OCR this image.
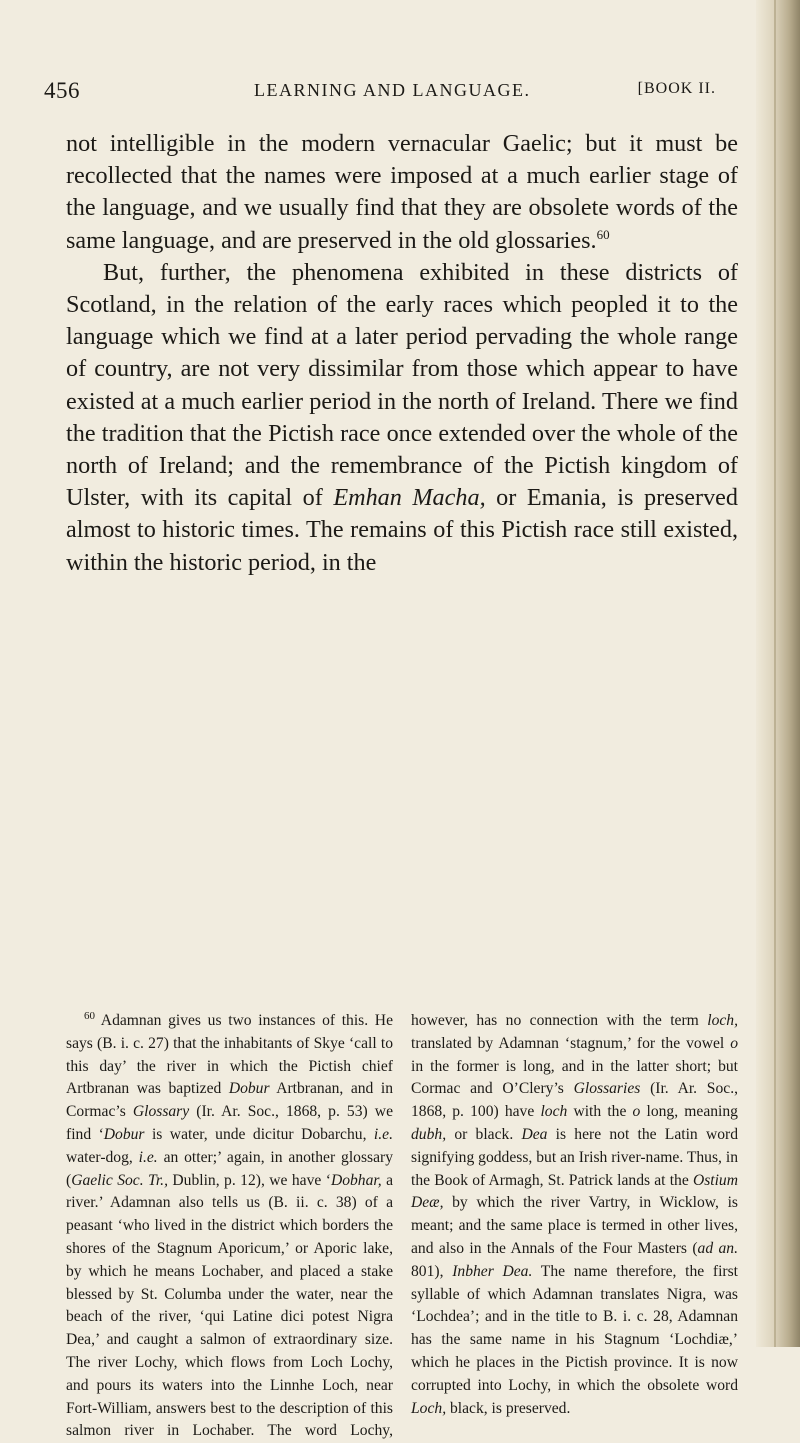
456	LEARNING AND LANGUAGE.	[BOOK II.

not intelligible in the modern vernacular Gaelic; but it must be recollected that the names were imposed at a much earlier stage of the language, and we usually find that they are obsolete words of the same language, and are preserved in the old glossaries.$^{60}$

But, further, the phenomena exhibited in these districts of Scotland, in the relation of the early races which peopled it to the language which we find at a later period pervading the whole range of country, are not very dissimilar from those which appear to have existed at a much earlier period in the north of Ireland. There we find the tradition that the Pictish race once extended over the whole of the north of Ireland; and the remembrance of the Pictish kingdom of Ulster, with its capital of Emhan Macha, or Emania, is preserved almost to historic times. The remains of this Pictish race still existed, within the historic period, in the

$^{60}$ Adamnan gives us two instances of this. He says (B. i. c. 27) that the inhabitants of Skye ‘call to this day’ the river in which the Pictish chief Artbranan was baptized Dobur Artbranan, and in Cormac’s Glossary (Ir. Ar. Soc., 1868, p. 53) we find ‘Dobur is water, unde dicitur Dobarchu, i.e. water-dog, i.e. an otter;’ again, in another glossary (Gaelic Soc. Tr., Dublin, p. 12), we have ‘Dobhar, a river.’ Adamnan also tells us (B. ii. c. 38) of a peasant ‘who lived in the district which borders the shores of the Stagnum Aporicum,’ or Aporic lake, by which he means Lochaber, and placed a stake blessed by St. Columba under the water, near the beach of the river, ‘qui Latine dici potest Nigra Dea,’ and caught a salmon of extraordinary size. The river Lochy, which flows from Loch Lochy, and pours its waters into the Linnhe Loch, near Fort-William, answers best to the description of this salmon river in Lochaber. The word Lochy, however, has no connection with the term loch, translated by Adamnan ‘stagnum,’ for the vowel o in the former is long, and in the latter short; but Cormac and O’Clery’s Glossaries (Ir. Ar. Soc., 1868, p. 100) have loch with the o long, meaning dubh, or black. Dea is here not the Latin word signifying goddess, but an Irish river-name. Thus, in the Book of Armagh, St. Patrick lands at the Ostium Deæ, by which the river Vartry, in Wicklow, is meant; and the same place is termed in other lives, and also in the Annals of the Four Masters (ad an. 801), Inbher Dea. The name therefore, the first syllable of which Adamnan translates Nigra, was ‘Lochdea’; and in the title to B. i. c. 28, Adamnan has the same name in his Stagnum ‘Lochdiæ,’ which he places in the Pictish province. It is now corrupted into Lochy, in which the obsolete word Loch, black, is preserved.
